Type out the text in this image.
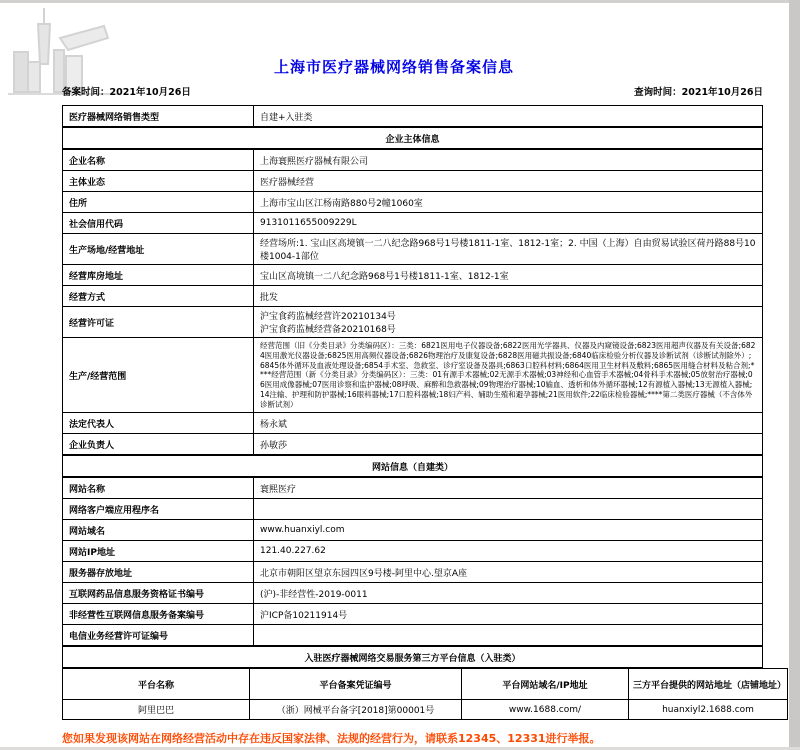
上海市医疗器械网络销售备案信息
备案时间：2021年10月26日	查询时间：2021年10月26日
医疗器械网络销售类型	自建+入驻类
企业主体信息	
企业名称	上海寰熙医疗器械有限公司
主体业态	医疗器械经营
住所	上海市宝山区江杨南路880号2幢1060室
社会信用代码	9131011655009229L
生产场地/经营地址	经营场所:1. 宝山区高境镇一二八纪念路968号1号楼1811-1室、1812-1室；2. 中国（上海）自由贸易试验区荷丹路88号10楼1004-1部位
经营库房地址	宝山区高境镇一二八纪念路968号1号楼1811-1室、1812-1室
经营方式	批发
经营许可证	沪宝食药监械经营许20210134号
沪宝食药监械经营备20210168号
生产/经营范围	经营范围（旧《分类目录》分类编码区）：三类：6821医用电子仪器设备;6822医用光学器具、仪器及内窥镜设备;6823医用超声仪器及有关设备;6824医用激光仪器设备;6825医用高频仪器设备;6826物理治疗及康复设备;6828医用磁共振设备;6840临床检验分析仪器及诊断试剂（诊断试剂除外）;6845体外循环及血液处理设备;6854手术室、急救室、诊疗室设备及器具;6863口腔科材料;6864医用卫生材料及敷料;6865医用缝合材料及粘合剂;****经营范围（新《分类目录》分类编码区）：三类：01有源手术器械;02无源手术器械;03神经和心血管手术器械;04骨科手术器械;05放射治疗器械;06医用成像器械;07医用诊察和监护器械;08呼吸、麻醉和急救器械;09物理治疗器械;10输血、透析和体外循环器械;12有源植入器械;13无源植入器械;14注输、护理和防护器械;16眼科器械;17口腔科器械;18妇产科、辅助生殖和避孕器械;21医用软件;22临床检验器械;****第二类医疗器械（不含体外诊断试剂）
法定代表人	杨永斌
企业负责人	孙敏莎
网站信息（自建类）	
网站名称	寰熙医疗
网络客户端应用程序名	
网站域名	www.huanxiyl.com
网站IP地址	121.40.227.62
服务器存放地址	北京市朝阳区望京东园四区9号楼-阿里中心.望京A座
互联网药品信息服务资格证书编号	(沪)-非经营性-2019-0011
非经营性互联网信息服务备案编号	沪ICP备10211914号
电信业务经营许可证编号	
入驻医疗器械网络交易服务第三方平台信息（入驻类）	
平台名称	平台备案凭证编号	平台网站域名/IP地址	三方平台提供的网站地址（店铺地址）
阿里巴巴	（浙）网械平台备字[2018]第00001号	www.1688.com/	huanxiyl2.1688.com
您如果发现该网站在网络经营活动中存在违反国家法律、法规的经营行为，请联系12345、12331进行举报。
